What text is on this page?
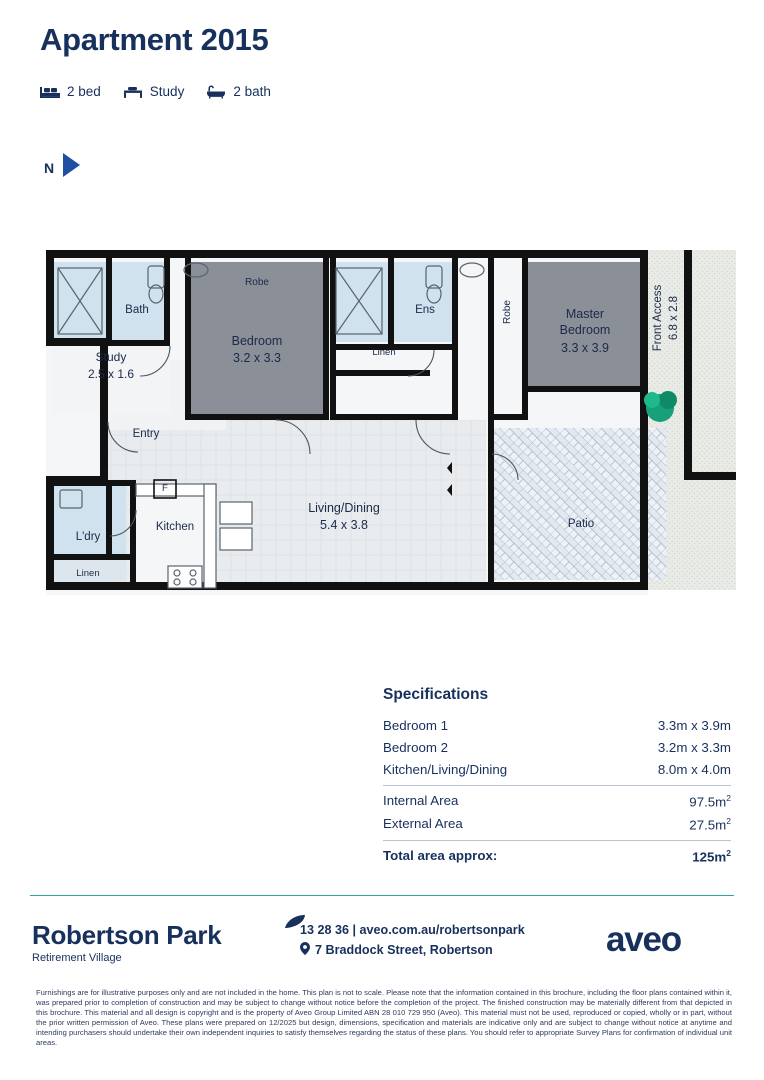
Apartment 2015
2 bed	Study	2 bath
N
Bath
Robe
Bedroom
3.2 x 3.3
Ens
Linen
Study
2.5 x 1.6
Entry
L'dry
Linen
Kitchen
Living/Dining
5.4 x 3.8	Patio
Master
Bedroom
3.3 x 3.9
F
Robe	Front Access 6.8 x 2.8
Specifications
Bedroom 1	3.3m x 3.9m
Bedroom 2	3.2m x 3.3m
Kitchen/Living/Dining	8.0m x 4.0m
Internal Area	$97.5m^2$
External Area	$27.5m^2$
Total area approx:	$125m^2$
Robertson Park
Retirement Village
13 28 36 | aveo.com.au/robertsonpark
7 Braddock Street, Robertson	aveo
Furnishings are for illustrative purposes only and are not included in the home. This plan is not to scale. Please note that the information contained in this brochure, including the floor plans contained within it, was prepared prior to completion of construction and may be subject to change without notice before the completion of the project. The finished construction may be materially different from that depicted in this brochure. This material and all design is copyright and is the property of Aveo Group Limited ABN 28 010 729 950 (Aveo). This material must not be used, reproduced or copied, wholly or in part, without the prior written permission of Aveo. These plans were prepared on 12/2025 but design, dimensions, specification and materials are indicative only and are subject to change without notice at anytime and intending purchasers should undertake their own independent inquiries to satisfy themselves regarding the status of these plans. You should refer to appropriate Survey Plans for confirmation of individual unit areas.
